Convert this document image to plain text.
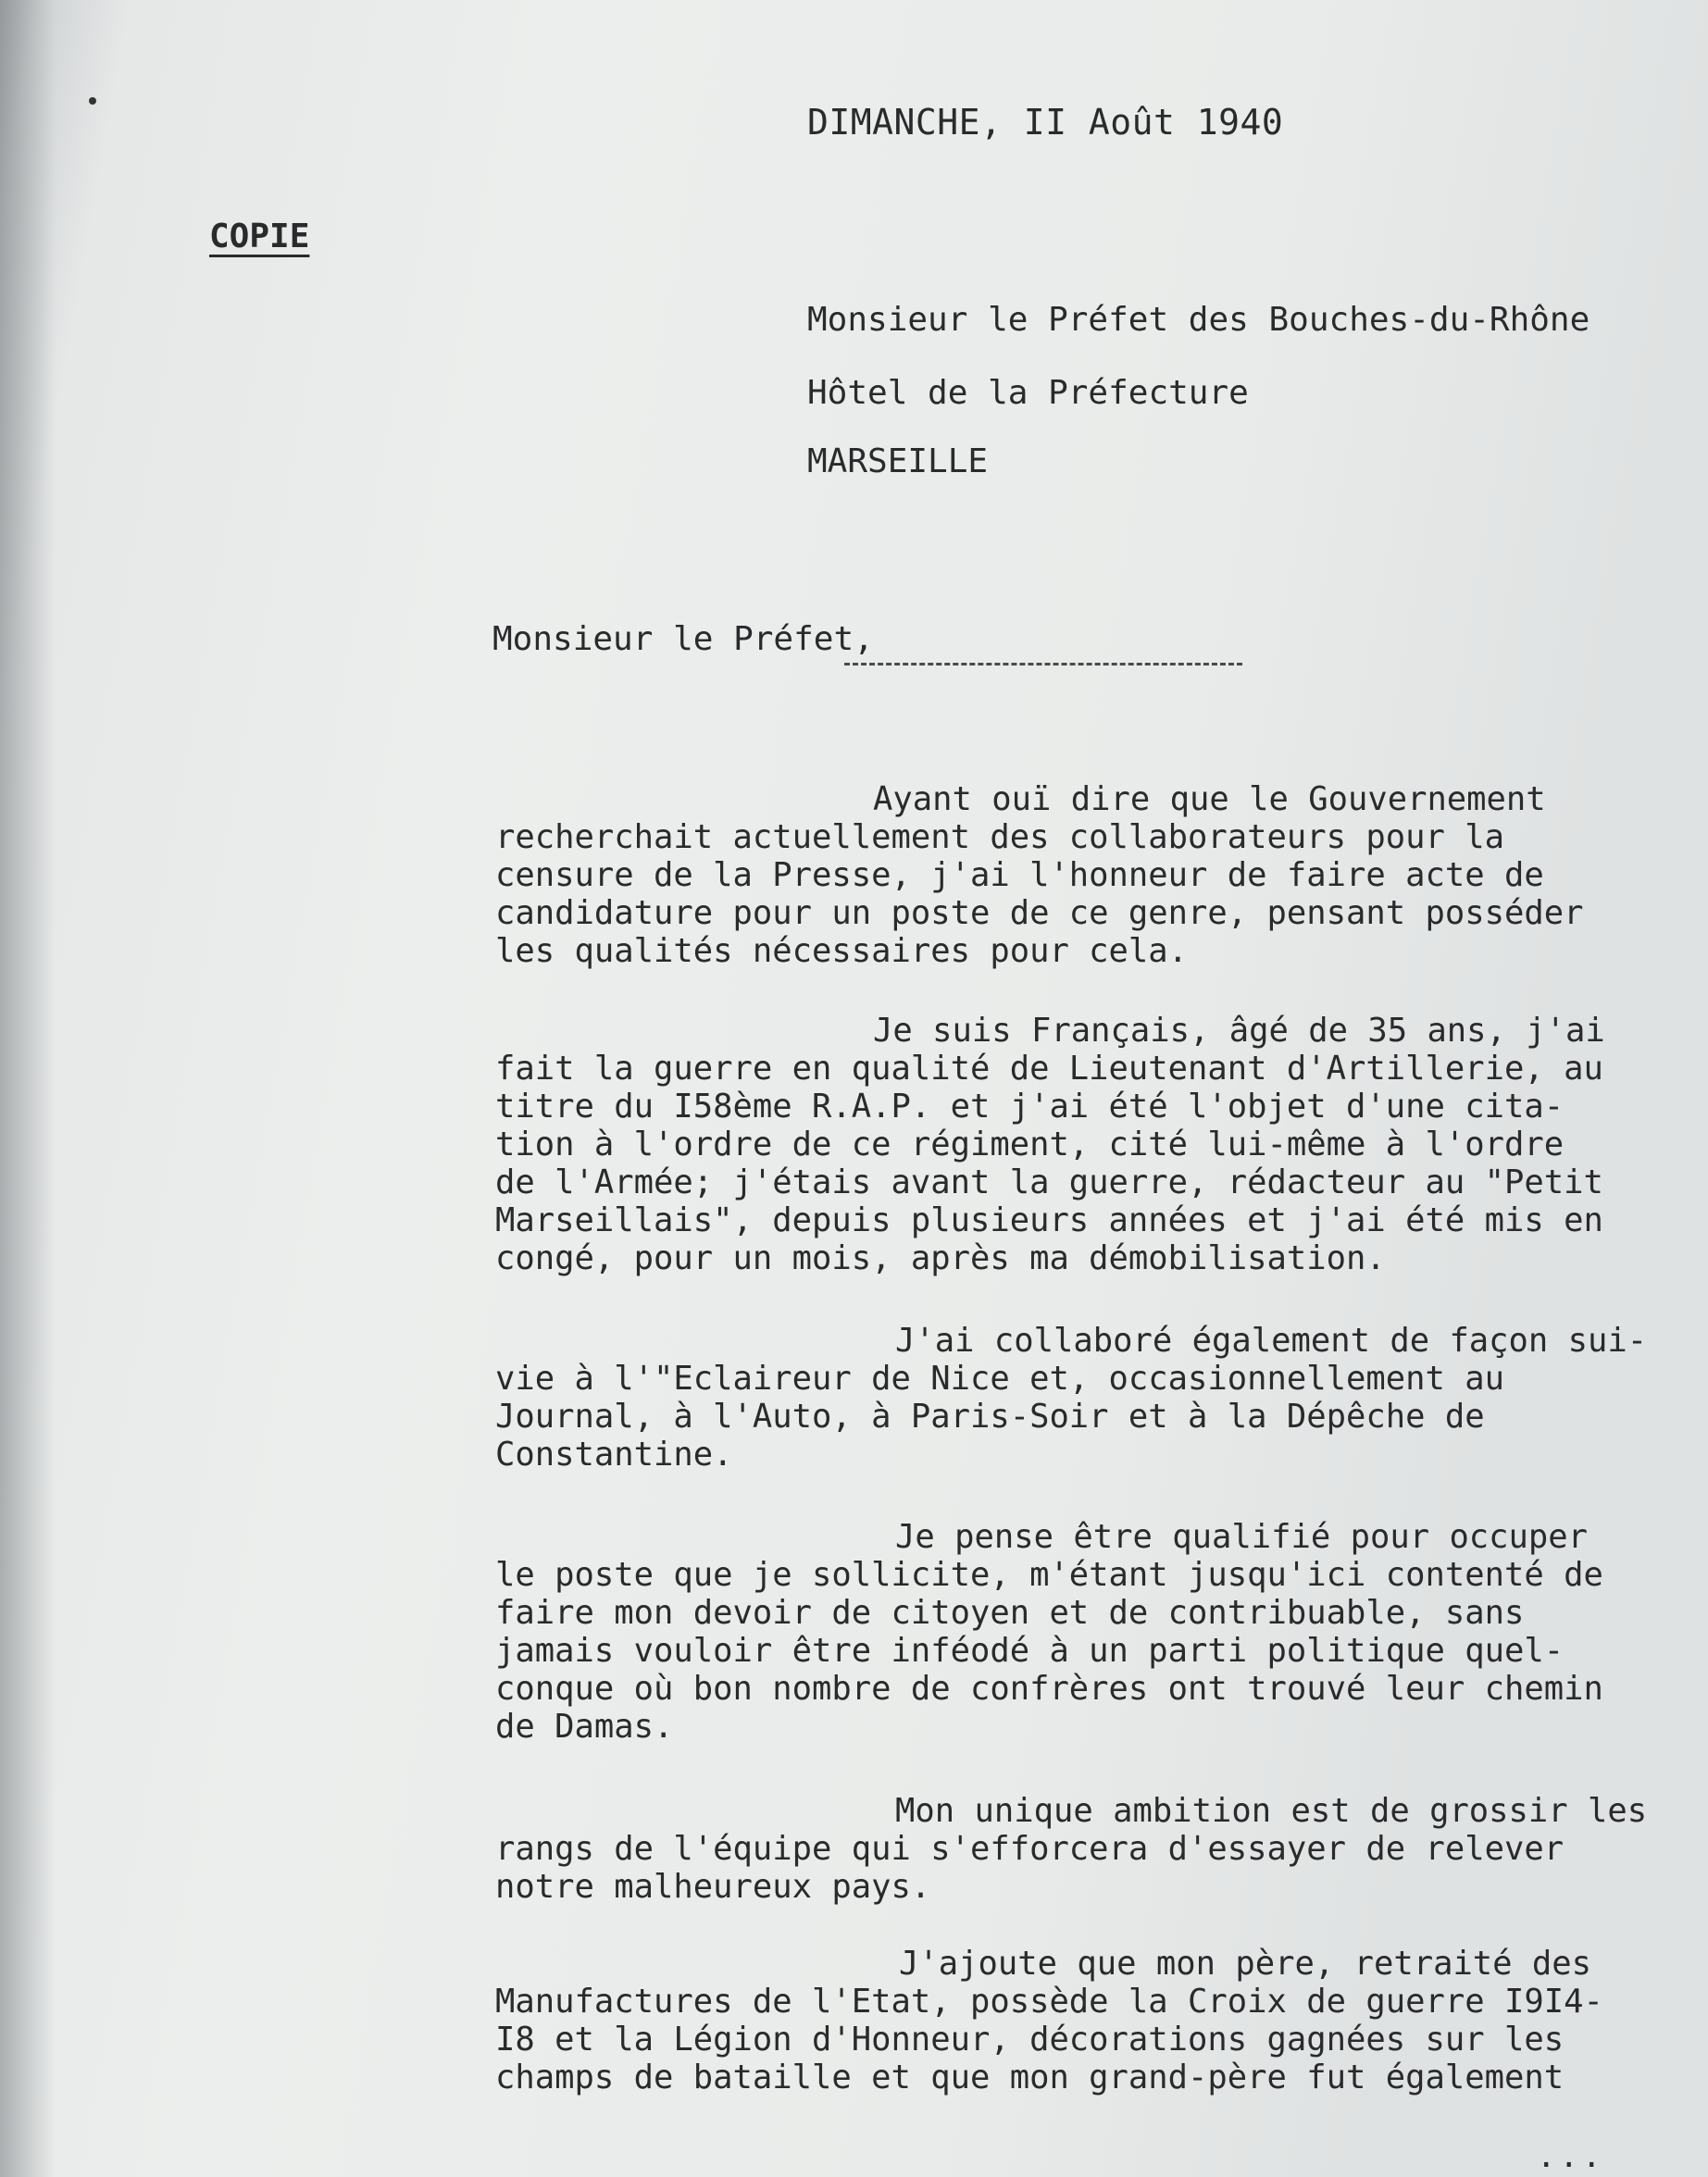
DIMANCHE, II Août 1940
COPIE
Monsieur le Préfet des Bouches-du-Rhône
Hôtel de la Préfecture
MARSEILLE
Monsieur le Préfet,
Ayant ouï dire que le Gouvernement
recherchait actuellement des collaborateurs pour la
censure de la Presse, j'ai l'honneur de faire acte de
candidature pour un poste de ce genre, pensant posséder
les qualités nécessaires pour cela.
Je suis Français, âgé de 35 ans, j'ai
fait la guerre en qualité de Lieutenant d'Artillerie, au
titre du I58ème R.A.P. et j'ai été l'objet d'une cita-
tion à l'ordre de ce régiment, cité lui-même à l'ordre
de l'Armée; j'étais avant la guerre, rédacteur au "Petit
Marseillais", depuis plusieurs années et j'ai été mis en
congé, pour un mois, après ma démobilisation.
J'ai collaboré également de façon sui-
vie à l'"Eclaireur de Nice et, occasionnellement au
Journal, à l'Auto, à Paris-Soir et à la Dépêche de
Constantine.
Je pense être qualifié pour occuper
le poste que je sollicite, m'étant jusqu'ici contenté de
faire mon devoir de citoyen et de contribuable, sans
jamais vouloir être inféodé à un parti politique quel-
conque où bon nombre de confrères ont trouvé leur chemin
de Damas.
Mon unique ambition est de grossir les
rangs de l'équipe qui s'efforcera d'essayer de relever
notre malheureux pays.
J'ajoute que mon père, retraité des
Manufactures de l'Etat, possède la Croix de guerre I9I4-
I8 et la Légion d'Honneur, décorations gagnées sur les
champs de bataille et que mon grand-père fut également
...
